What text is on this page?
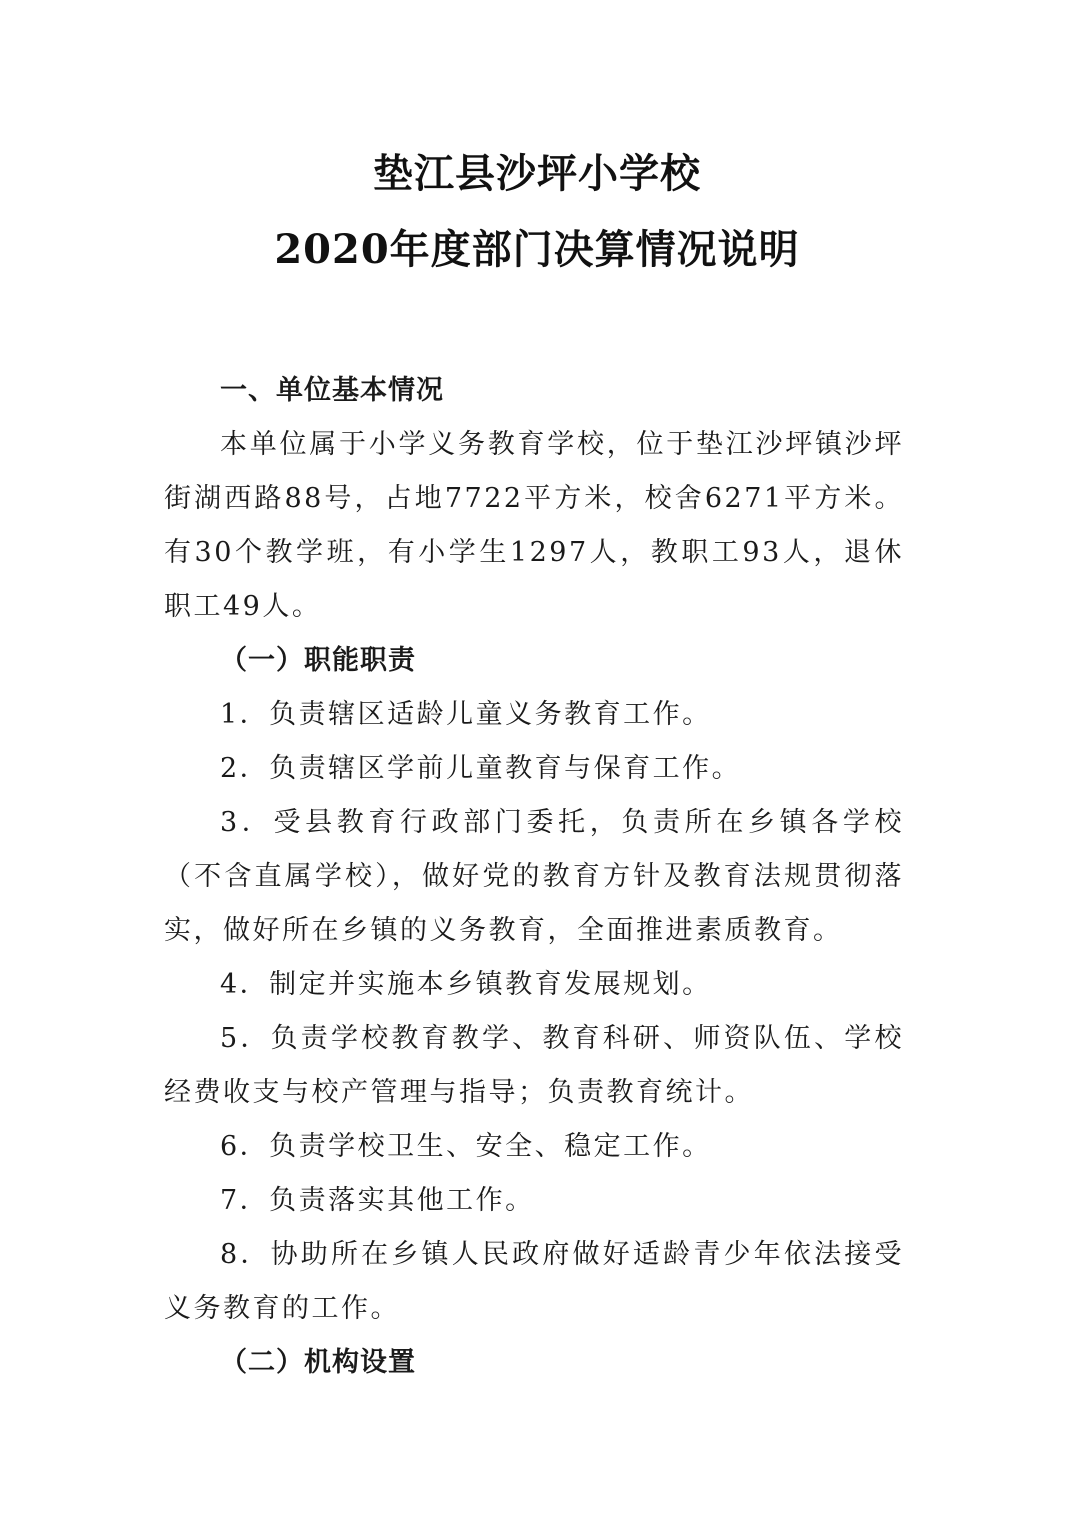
垫江县沙坪小学校
2020年度部门决算情况说明

一、单位基本情况

本单位属于小学义务教育学校，位于垫江沙坪镇沙坪街湖西路88号，占地7722平方米，校舍6271平方米。有30个教学班，有小学生1297人，教职工93人，退休职工49人。

（一）职能职责

1．负责辖区适龄儿童义务教育工作。

2．负责辖区学前儿童教育与保育工作。

3．受县教育行政部门委托，负责所在乡镇各学校（不含直属学校），做好党的教育方针及教育法规贯彻落实，做好所在乡镇的义务教育，全面推进素质教育。

4．制定并实施本乡镇教育发展规划。

5．负责学校教育教学、教育科研、师资队伍、学校经费收支与校产管理与指导；负责教育统计。

6．负责学校卫生、安全、稳定工作。

7．负责落实其他工作。

8．协助所在乡镇人民政府做好适龄青少年依法接受义务教育的工作。

（二）机构设置
